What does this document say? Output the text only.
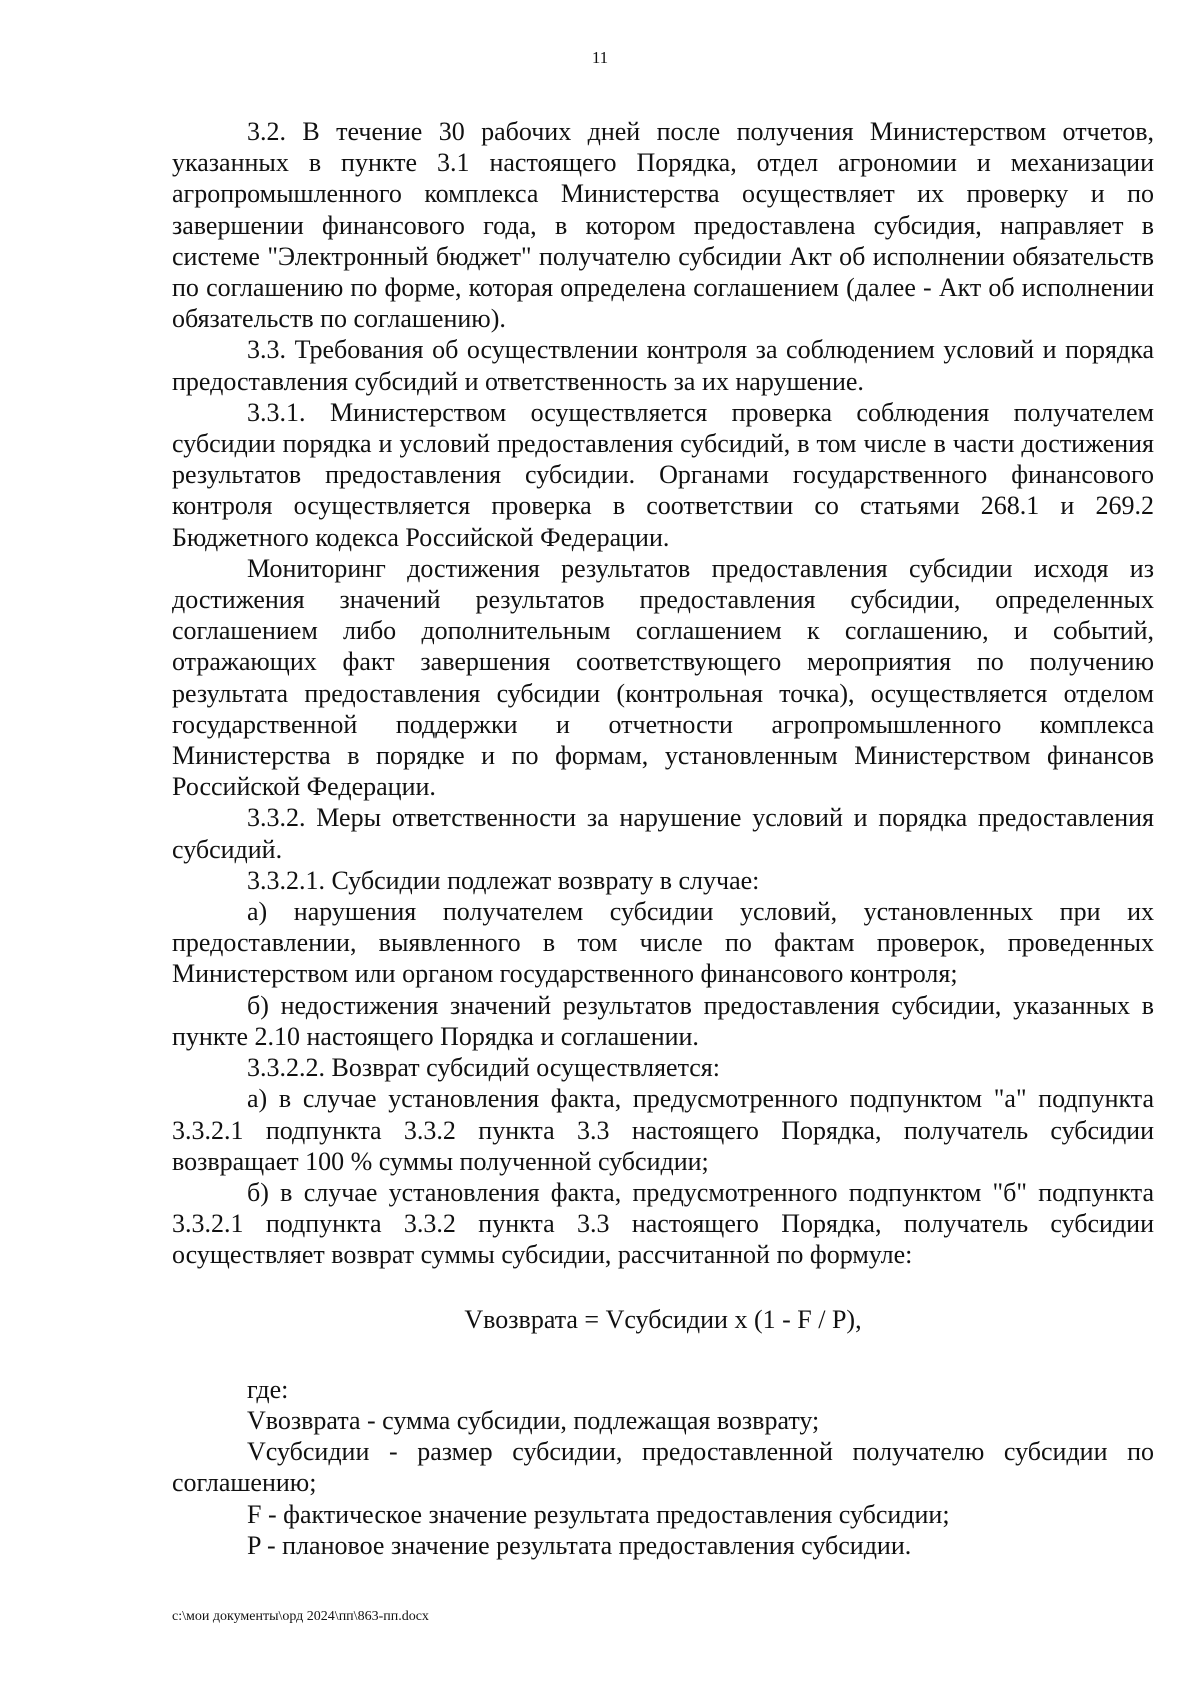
11

3.2. В течение 30 рабочих дней после получения Министерством отчетов, указанных в пункте 3.1 настоящего Порядка, отдел агрономии и механизации агропромышленного комплекса Министерства осуществляет их проверку и по завершении финансового года, в котором предоставлена субсидия, направляет в системе "Электронный бюджет" получателю субсидии Акт об исполнении обязательств по соглашению по форме, которая определена соглашением (далее - Акт об исполнении обязательств по соглашению).

3.3. Требования об осуществлении контроля за соблюдением условий и порядка предоставления субсидий и ответственность за их нарушение.

3.3.1. Министерством осуществляется проверка соблюдения получателем субсидии порядка и условий предоставления субсидий, в том числе в части достижения результатов предоставления субсидии. Органами государственного финансового контроля осуществляется проверка в соответствии со статьями 268.1 и 269.2 Бюджетного кодекса Российской Федерации.

Мониторинг достижения результатов предоставления субсидии исходя из достижения значений результатов предоставления субсидии, определенных соглашением либо дополнительным соглашением к соглашению, и событий, отражающих факт завершения соответствующего мероприятия по получению результата предоставления субсидии (контрольная точка), осуществляется отделом государственной поддержки и отчетности агропромышленного комплекса Министерства в порядке и по формам, установленным Министерством финансов Российской Федерации.

3.3.2. Меры ответственности за нарушение условий и порядка предоставления субсидий.

3.3.2.1. Субсидии подлежат возврату в случае:

а) нарушения получателем субсидии условий, установленных при их предоставлении, выявленного в том числе по фактам проверок, проведенных Министерством или органом государственного финансового контроля;

б) недостижения значений результатов предоставления субсидии, указанных в пункте 2.10 настоящего Порядка и соглашении.

3.3.2.2. Возврат субсидий осуществляется:

а) в случае установления факта, предусмотренного подпунктом "а" подпункта 3.3.2.1 подпункта 3.3.2 пункта 3.3 настоящего Порядка, получатель субсидии возвращает 100 % суммы полученной субсидии;

б) в случае установления факта, предусмотренного подпунктом "б" подпункта 3.3.2.1 подпункта 3.3.2 пункта 3.3 настоящего Порядка, получатель субсидии осуществляет возврат суммы субсидии, рассчитанной по формуле:

Vвозврата = Vсубсидии x (1 - F / P),

где:

Vвозврата - сумма субсидии, подлежащая возврату;

Vсубсидии - размер субсидии, предоставленной получателю субсидии по соглашению;

F - фактическое значение результата предоставления субсидии;

P - плановое значение результата предоставления субсидии.

c:\мои документы\орд 2024\пп\863-пп.docx
